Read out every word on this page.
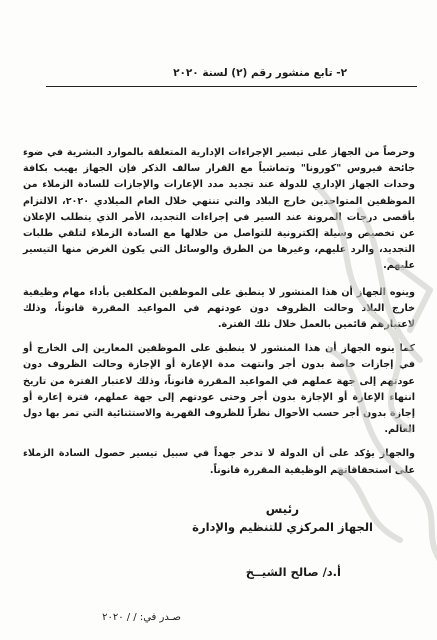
٢- تابع منشور رقم (٢) لسنة ٢٠٢٠

وحرصاً من الجهاز على تيسير الإجراءات الإدارية المتعلقة بالموارد البشرية في ضوء جائحة فيروس "كورونا" وتماشياً مع القرار سالف الذكر فإن الجهاز يهيب بكافة وحدات الجهاز الإداري للدولة عند تجديد مدد الإعارات والإجازات للسادة الزملاء من الموظفين المتواجدين خارج البلاد والتي تنتهي خلال العام الميلادي ٢٠٢٠، الالتزام بأقصى درجات المرونة عند السير في إجراءات التجديد، الأمر الذي يتطلب الإعلان عن تخصيص وسيلة إلكترونية للتواصل من خلالها مع السادة الزملاء لتلقي طلبات التجديد، والرد عليهم، وغيرها من الطرق والوسائل التي يكون الغرض منها التيسير عليهم.

وينوه الجهاز أن هذا المنشور لا ينطبق على الموظفين المكلفين بأداء مهام وظيفية خارج البلاد وحالت الظروف دون عودتهم في المواعيد المقررة قانوناً، وذلك لاعتبارهم قائمين بالعمل خلال تلك الفترة.

كما ينوه الجهاز أن هذا المنشور لا ينطبق على الموظفين المعارين إلى الخارج أو في إجازات خاصة بدون أجر وانتهت مدة الإعارة أو الإجازة وحالت الظروف دون عودتهم إلى جهة عملهم في المواعيد المقررة قانوناً، وذلك لاعتبار الفترة من تاريخ انتهاء الإعارة أو الإجازة بدون أجر وحتى عودتهم إلى جهة عملهم، فترة إعارة أو إجازة بدون أجر حسب الأحوال نظراً للظروف القهرية والاستثنائية التي تمر بها دول العالم.

والجهاز يؤكد على أن الدولة لا تدخر جهداً في سبيل تيسير حصول السادة الزملاء على استحقاقاتهم الوظيفية المقررة قانوناً.

رئيس
الجهاز المركزي للتنظيم والإدارة
أ.د/ صالح الشيــخ
صـدر في: / / ٢٠٢٠
